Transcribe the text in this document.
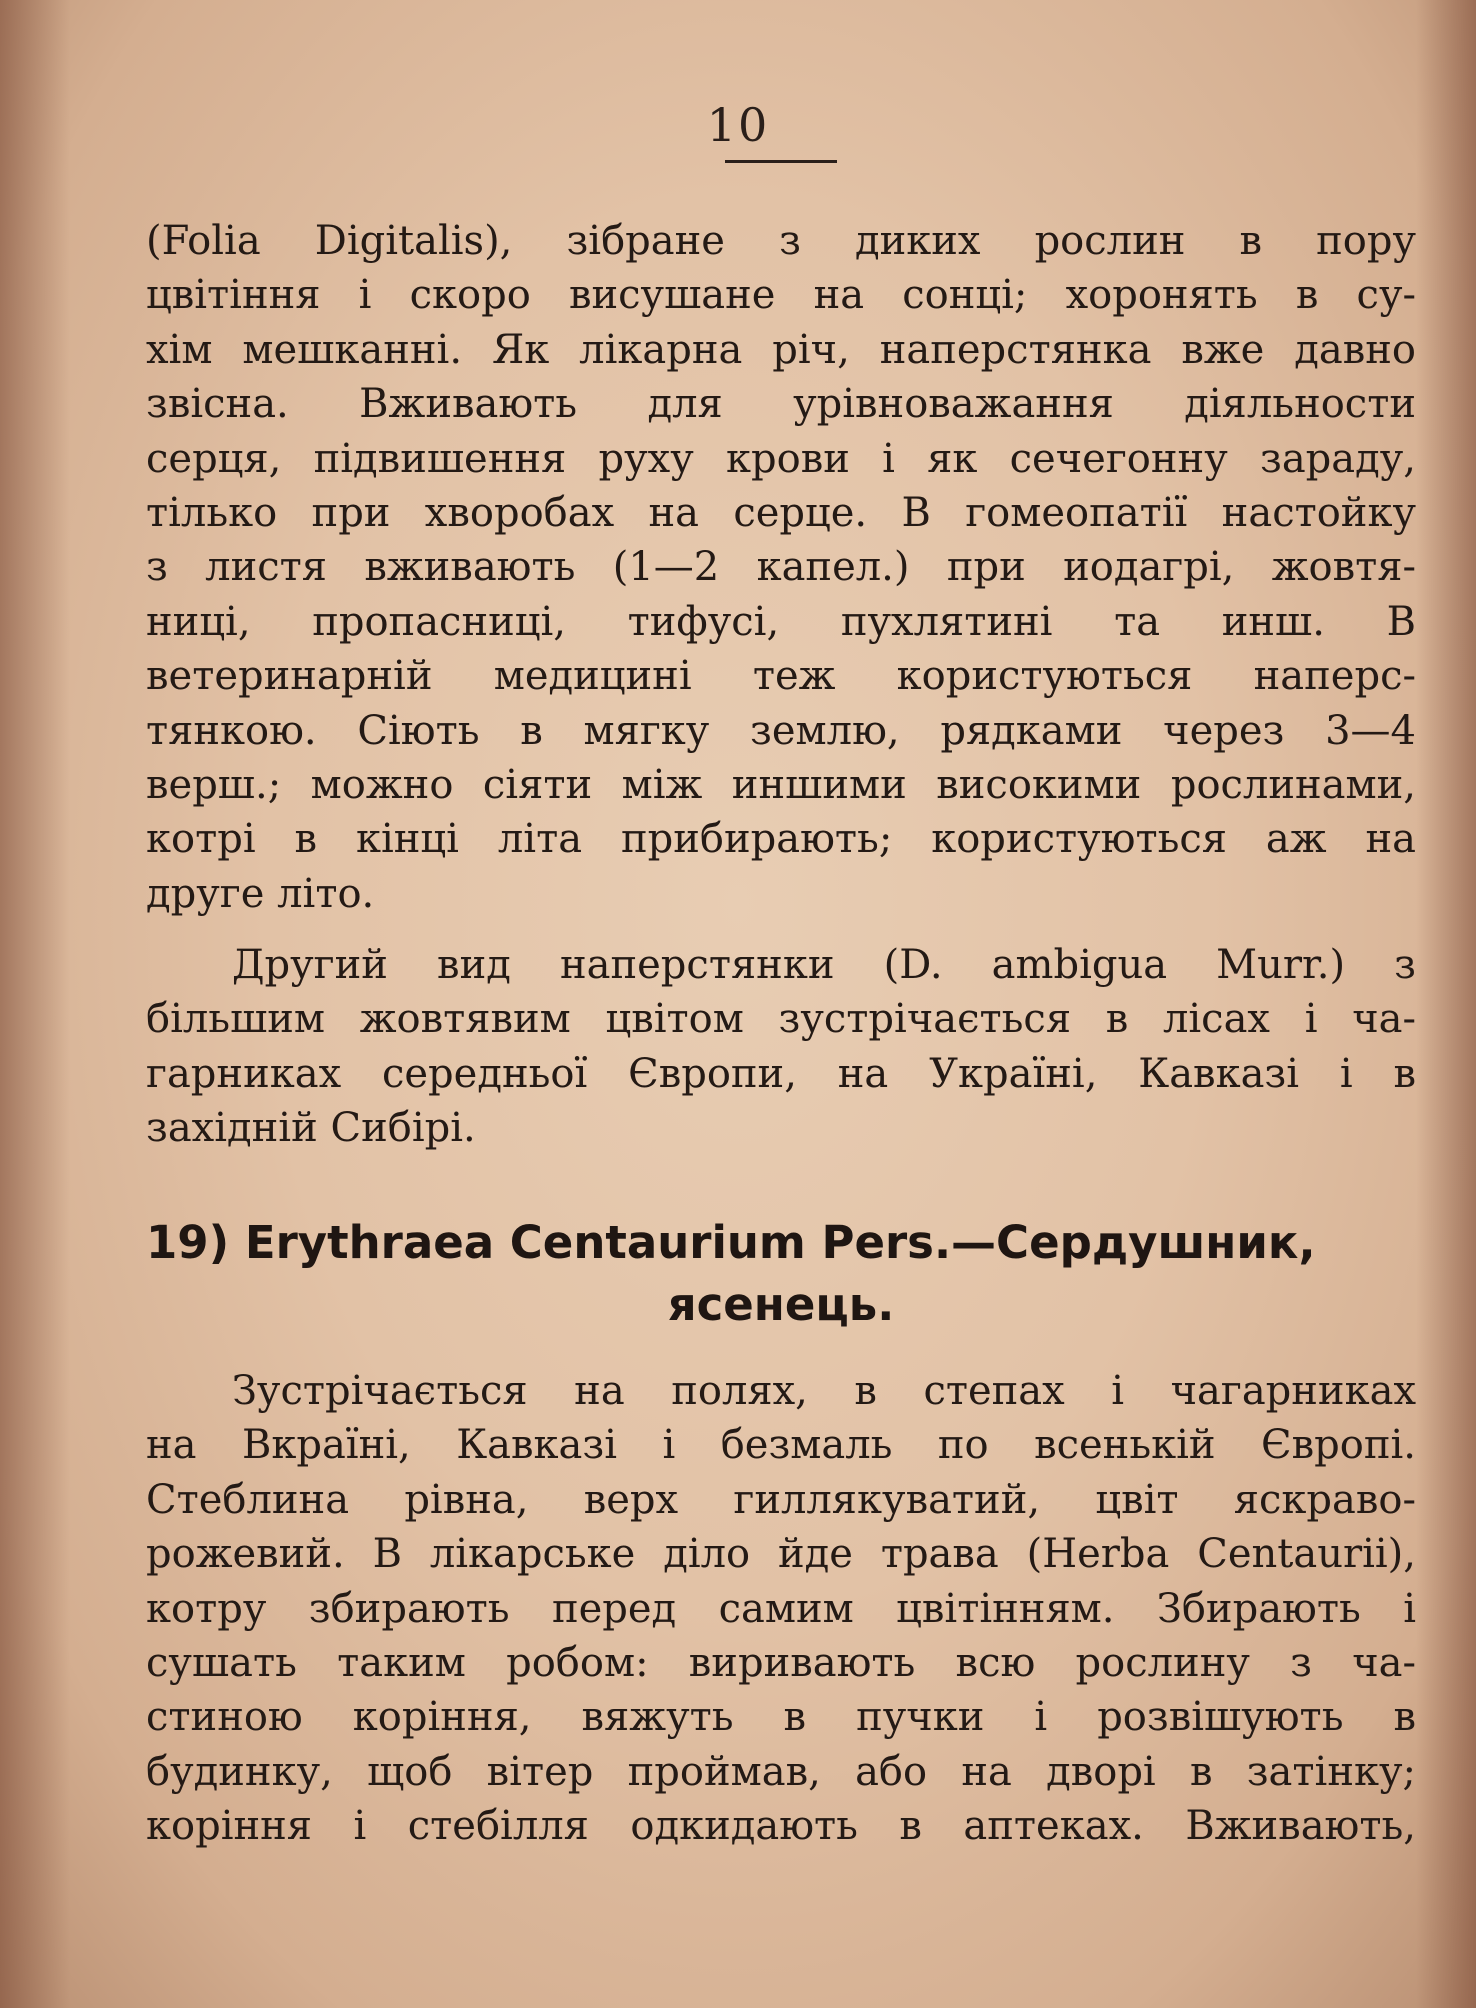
10
(Folia Digitalis), зібране з диких рослин в пору
цвітіння і скоро висушане на сонці; хоронять в су-
хім мешканні. Як лікарна річ, наперстянка вже давно
звісна. Вживають для урівноважання діяльности
серця, підвишення руху крови і як сечегонну зараду,
тілько при хворобах на серце. В гомеопатії настойку
з листя вживають (1—2 капел.) при иодагрі, жовтя-
ниці, пропасниці, тифусі, пухлятині та инш. В
ветеринарній медицині теж користуються наперс-
тянкою. Сіють в мягку землю, рядками через 3—4
верш.; можно сіяти між иншими високими рослинами,
котрі в кінці літа прибирають; користуються аж на
друге літо.
Другий вид наперстянки (D. ambigua Murr.) з
більшим жовтявим цвітом зустрічається в лісах і ча-
гарниках середньої Європи, на Україні, Кавказі і в
західній Сибірі.
19) Erythraea Centaurium Pers.—Сердушник,
ясенець.
Зустрічається на полях, в степах і чагарниках
на Вкраїні, Кавказі і безмаль по всенькій Європі.
Стеблина рівна, верх гиллякуватий, цвіт яскраво-
рожевий. В лікарське діло йде трава (Herba Centaurii),
котру збирають перед самим цвітінням. Збирають і
сушать таким робом: виривають всю рослину з ча-
стиною коріння, вяжуть в пучки і розвішують в
будинку, щоб вітер проймав, або на дворі в затінку;
коріння і стебілля одкидають в аптеках. Вживають,
